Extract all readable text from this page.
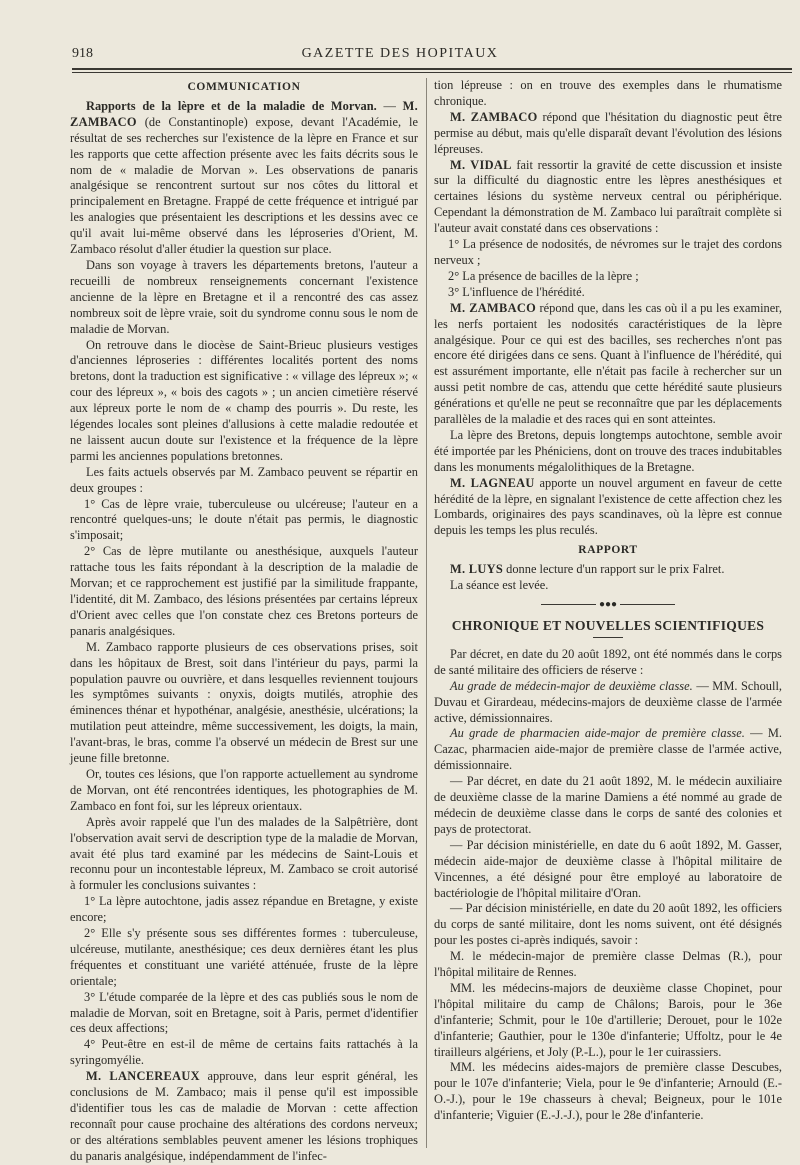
918	GAZETTE DES HOPITAUX
COMMUNICATION

Rapports de la lèpre et de la maladie de Morvan. — M. ZAMBACO (de Constantinople) expose, devant l'Académie, le résultat de ses recherches sur l'existence de la lèpre en France et sur les rapports que cette affection présente avec les faits décrits sous le nom de « maladie de Morvan ». Les observations de panaris analgésique se rencontrent surtout sur nos côtes du littoral et principalement en Bretagne. Frappé de cette fréquence et intrigué par les analogies que présentaient les descriptions et les dessins avec ce qu'il avait lui-même observé dans les léproseries d'Orient, M. Zambaco résolut d'aller étudier la question sur place.

Dans son voyage à travers les départements bretons, l'auteur a recueilli de nombreux renseignements concernant l'existence ancienne de la lèpre en Bretagne et il a rencontré des cas assez nombreux soit de lèpre vraie, soit du syndrome connu sous le nom de maladie de Morvan.

On retrouve dans le diocèse de Saint-Brieuc plusieurs vestiges d'anciennes léproseries : différentes localités portent des noms bretons, dont la traduction est significative : « village des lépreux »; « cour des lépreux », « bois des cagots » ; un ancien cimetière réservé aux lépreux porte le nom de « champ des pourris ». Du reste, les légendes locales sont pleines d'allusions à cette maladie redoutée et ne laissent aucun doute sur l'existence et la fréquence de la lèpre parmi les anciennes populations bretonnes.

Les faits actuels observés par M. Zambaco peuvent se répartir en deux groupes :

1° Cas de lèpre vraie, tuberculeuse ou ulcéreuse; l'auteur en a rencontré quelques-uns; le doute n'était pas permis, le diagnostic s'imposait;

2° Cas de lèpre mutilante ou anesthésique, auxquels l'auteur rattache tous les faits répondant à la description de la maladie de Morvan; et ce rapprochement est justifié par la similitude frappante, l'identité, dit M. Zambaco, des lésions présentées par certains lépreux d'Orient avec celles que l'on constate chez ces Bretons porteurs de panaris analgésiques.

M. Zambaco rapporte plusieurs de ces observations prises, soit dans les hôpitaux de Brest, soit dans l'intérieur du pays, parmi la population pauvre ou ouvrière, et dans lesquelles reviennent toujours les symptômes suivants : onyxis, doigts mutilés, atrophie des éminences thénar et hypothénar, analgésie, anesthésie, ulcérations; la mutilation peut atteindre, même successivement, les doigts, la main, l'avant-bras, le bras, comme l'a observé un médecin de Brest sur une jeune fille bretonne.

Or, toutes ces lésions, que l'on rapporte actuellement au syndrome de Morvan, ont été rencontrées identiques, les photographies de M. Zambaco en font foi, sur les lépreux orientaux.

Après avoir rappelé que l'un des malades de la Salpêtrière, dont l'observation avait servi de description type de la maladie de Morvan, avait été plus tard examiné par les médecins de Saint-Louis et reconnu pour un incontestable lépreux, M. Zambaco se croit autorisé à formuler les conclusions suivantes :

1° La lèpre autochtone, jadis assez répandue en Bretagne, y existe encore;

2° Elle s'y présente sous ses différentes formes : tuberculeuse, ulcéreuse, mutilante, anesthésique; ces deux dernières étant les plus fréquentes et constituant une variété atténuée, fruste de la lèpre orientale;

3° L'étude comparée de la lèpre et des cas publiés sous le nom de maladie de Morvan, soit en Bretagne, soit à Paris, permet d'identifier ces deux affections;

4° Peut-être en est-il de même de certains faits rattachés à la syringomyélie.

M. LANCEREAUX approuve, dans leur esprit général, les conclusions de M. Zambaco; mais il pense qu'il est impossible d'identifier tous les cas de maladie de Morvan : cette affection reconnaît pour cause prochaine des altérations des cordons nerveux; or des altérations semblables peuvent amener les lésions trophiques du panaris analgésique, indépendamment de l'infec-

tion lépreuse : on en trouve des exemples dans le rhumatisme chronique.

M. ZAMBACO répond que l'hésitation du diagnostic peut être permise au début, mais qu'elle disparaît devant l'évolution des lésions lépreuses.

M. VIDAL fait ressortir la gravité de cette discussion et insiste sur la difficulté du diagnostic entre les lèpres anesthésiques et certaines lésions du système nerveux central ou périphérique. Cependant la démonstration de M. Zambaco lui paraîtrait complète si l'auteur avait constaté dans ces observations :

1° La présence de nodosités, de névromes sur le trajet des cordons nerveux ;

2° La présence de bacilles de la lèpre ;

3° L'influence de l'hérédité.

M. ZAMBACO répond que, dans les cas où il a pu les examiner, les nerfs portaient les nodosités caractéristiques de la lèpre analgésique. Pour ce qui est des bacilles, ses recherches n'ont pas encore été dirigées dans ce sens. Quant à l'influence de l'hérédité, qui est assurément importante, elle n'était pas facile à rechercher sur un aussi petit nombre de cas, attendu que cette hérédité saute plusieurs générations et qu'elle ne peut se reconnaître que par les déplacements parallèles de la maladie et des races qui en sont atteintes.

La lèpre des Bretons, depuis longtemps autochtone, semble avoir été importée par les Phéniciens, dont on trouve des traces indubitables dans les monuments mégalolithiques de la Bretagne.

M. LAGNEAU apporte un nouvel argument en faveur de cette hérédité de la lèpre, en signalant l'existence de cette affection chez les Lombards, originaires des pays scandinaves, où la lèpre est connue depuis les temps les plus reculés.

RAPPORT

M. LUYS donne lecture d'un rapport sur le prix Falret.

La séance est levée.

●●●
CHRONIQUE ET NOUVELLES SCIENTIFIQUES

Par décret, en date du 20 août 1892, ont été nommés dans le corps de santé militaire des officiers de réserve :

Au grade de médecin-major de deuxième classe. — MM. Schoull, Duvau et Girardeau, médecins-majors de deuxième classe de l'armée active, démissionnaires.

Au grade de pharmacien aide-major de première classe. — M. Cazac, pharmacien aide-major de première classe de l'armée active, démissionnaire.

— Par décret, en date du 21 août 1892, M. le médecin auxiliaire de deuxième classe de la marine Damiens a été nommé au grade de médecin de deuxième classe dans le corps de santé des colonies et pays de protectorat.

— Par décision ministérielle, en date du 6 août 1892, M. Gasser, médecin aide-major de deuxième classe à l'hôpital militaire de Vincennes, a été désigné pour être employé au laboratoire de bactériologie de l'hôpital militaire d'Oran.

— Par décision ministérielle, en date du 20 août 1892, les officiers du corps de santé militaire, dont les noms suivent, ont été désignés pour les postes ci-après indiqués, savoir :

M. le médecin-major de première classe Delmas (R.), pour l'hôpital militaire de Rennes.

MM. les médecins-majors de deuxième classe Chopinet, pour l'hôpital militaire du camp de Châlons; Barois, pour le 36e d'infanterie; Schmit, pour le 10e d'artillerie; Derouet, pour le 102e d'infanterie; Gauthier, pour le 130e d'infanterie; Uffoltz, pour le 4e tirailleurs algériens, et Joly (P.-L.), pour le 1er cuirassiers.

MM. les médecins aides-majors de première classe Descubes, pour le 107e d'infanterie; Viela, pour le 9e d'infanterie; Arnould (E.-O.-J.), pour le 19e chasseurs à cheval; Beigneux, pour le 101e d'infanterie; Viguier (E.-J.-J.), pour le 28e d'infanterie.
